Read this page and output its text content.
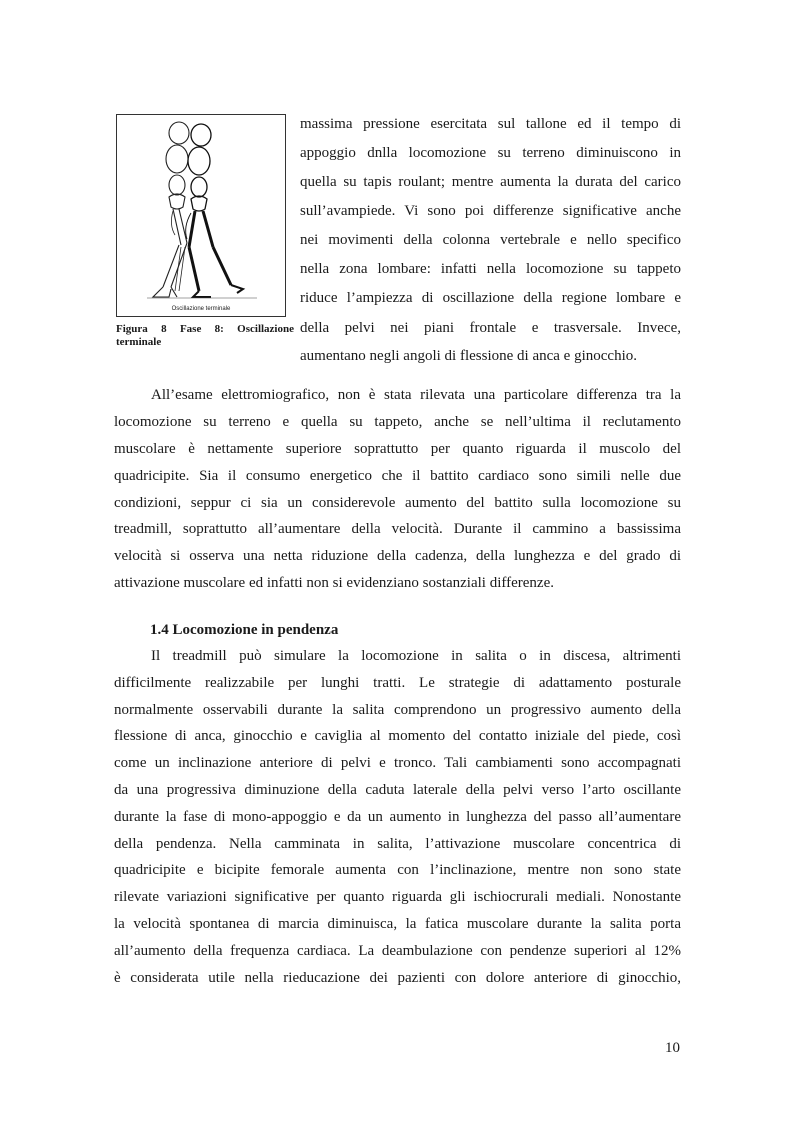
Oscillazione terminale
Figura 8 Fase 8: Oscillazione terminale
massima pressione esercitata sul tallone ed il tempo di
appoggio dnlla locomozione su terreno diminuiscono in
quella su tapis roulant; mentre aumenta la durata del carico
sull’avampiede. Vi sono poi differenze significative anche
nei movimenti della colonna vertebrale e nello specifico
nella zona lombare: infatti nella locomozione su tappeto
riduce l’ampiezza di oscillazione della regione lombare e
della pelvi nei piani frontale e trasversale. Invece,
aumentano negli angoli di flessione di anca e ginocchio.
All’esame elettromiografico, non è stata rilevata una particolare differenza tra la
locomozione su terreno e quella su tappeto, anche se nell’ultima il reclutamento
muscolare è nettamente superiore soprattutto per quanto riguarda il muscolo del
quadricipite. Sia il consumo energetico che il battito cardiaco sono simili nelle due
condizioni, seppur ci sia un considerevole aumento del battito sulla locomozione su
treadmill, soprattutto all’aumentare della velocità. Durante il cammino a bassissima
velocità si osserva una netta riduzione della cadenza, della lunghezza e del grado di
attivazione muscolare ed infatti non si evidenziano sostanziali differenze.
1.4 Locomozione in pendenza
Il treadmill può simulare la locomozione in salita o in discesa, altrimenti
difficilmente realizzabile per lunghi tratti. Le strategie di adattamento posturale
normalmente osservabili durante la salita comprendono un progressivo aumento della
flessione di anca, ginocchio e caviglia al momento del contatto iniziale del piede, così
come un inclinazione anteriore di pelvi e tronco. Tali cambiamenti sono accompagnati
da una progressiva diminuzione della caduta laterale della pelvi verso l’arto oscillante
durante la fase di mono-appoggio e da un aumento in lunghezza del passo all’aumentare
della pendenza. Nella camminata in salita, l’attivazione muscolare concentrica di
quadricipite e bicipite femorale aumenta con l’inclinazione, mentre non sono state
rilevate variazioni significative per quanto riguarda gli ischiocrurali mediali. Nonostante
la velocità spontanea di marcia diminuisca, la fatica muscolare durante la salita porta
all’aumento della frequenza cardiaca. La deambulazione con pendenze superiori al 12%
è considerata utile nella rieducazione dei pazienti con dolore anteriore di ginocchio,
10
